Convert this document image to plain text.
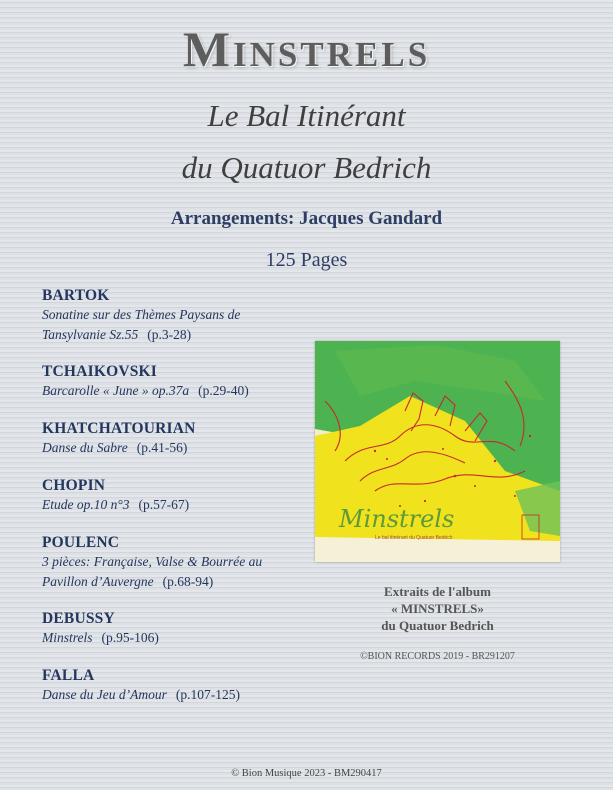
Minstrels
Le Bal Itinérant
du Quatuor Bedrich
Arrangements: Jacques Gandard
125 Pages
BARTOK
Sonatine sur des Thèmes Paysans de
Tansylvanie Sz.55 (p.3-28)
TCHAIKOVSKI
Barcarolle « June » op.37a (p.29-40)
KHATCHATOURIAN
Danse du Sabre (p.41-56)
CHOPIN
Etude op.10 n°3 (p.57-67)
POULENC
3 pièces: Française, Valse & Bourrée au
Pavillon d’Auvergne (p.68-94)
DEBUSSY
Minstrels (p.95-106)
FALLA
Danse du Jeu d’Amour (p.107-125)
Minstrels
Le bal itinérant du Quatuor Bedrich
Extraits de l'album
« MINSTRELS»
du Quatuor Bedrich
©BION RECORDS 2019 - BR291207
© Bion Musique 2023 - BM290417
